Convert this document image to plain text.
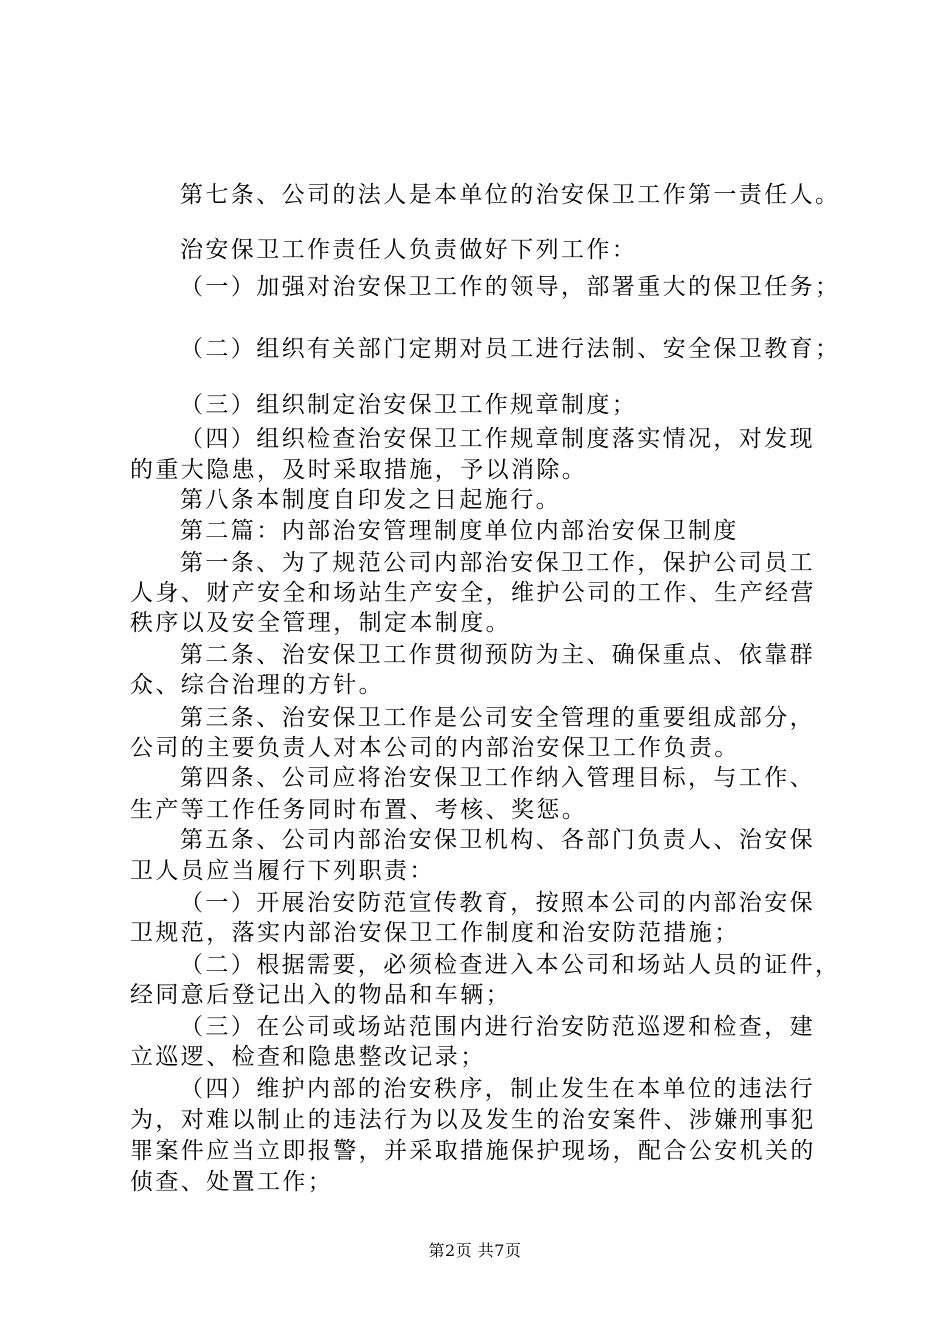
第七条、公司的法人是本单位的治安保卫工作第一责任人。
治安保卫工作责任人负责做好下列工作：
（一）加强对治安保卫工作的领导，部署重大的保卫任务；
（二）组织有关部门定期对员工进行法制、安全保卫教育；
（三）组织制定治安保卫工作规章制度；
（四）组织检查治安保卫工作规章制度落实情况，对发现
的重大隐患，及时采取措施，予以消除。
第八条本制度自印发之日起施行。
第二篇：内部治安管理制度单位内部治安保卫制度
第一条、为了规范公司内部治安保卫工作，保护公司员工
人身、财产安全和场站生产安全，维护公司的工作、生产经营
秩序以及安全管理，制定本制度。
第二条、治安保卫工作贯彻预防为主、确保重点、依靠群
众、综合治理的方针。
第三条、治安保卫工作是公司安全管理的重要组成部分，
公司的主要负责人对本公司的内部治安保卫工作负责。
第四条、公司应将治安保卫工作纳入管理目标，与工作、
生产等工作任务同时布置、考核、奖惩。
第五条、公司内部治安保卫机构、各部门负责人、治安保
卫人员应当履行下列职责：
（一）开展治安防范宣传教育，按照本公司的内部治安保
卫规范，落实内部治安保卫工作制度和治安防范措施；
（二）根据需要，必须检查进入本公司和场站人员的证件，
经同意后登记出入的物品和车辆；
（三）在公司或场站范围内进行治安防范巡逻和检查，建
立巡逻、检查和隐患整改记录；
（四）维护内部的治安秩序，制止发生在本单位的违法行
为，对难以制止的违法行为以及发生的治安案件、涉嫌刑事犯
罪案件应当立即报警，并采取措施保护现场，配合公安机关的
侦查、处置工作；
第2页 共7页
